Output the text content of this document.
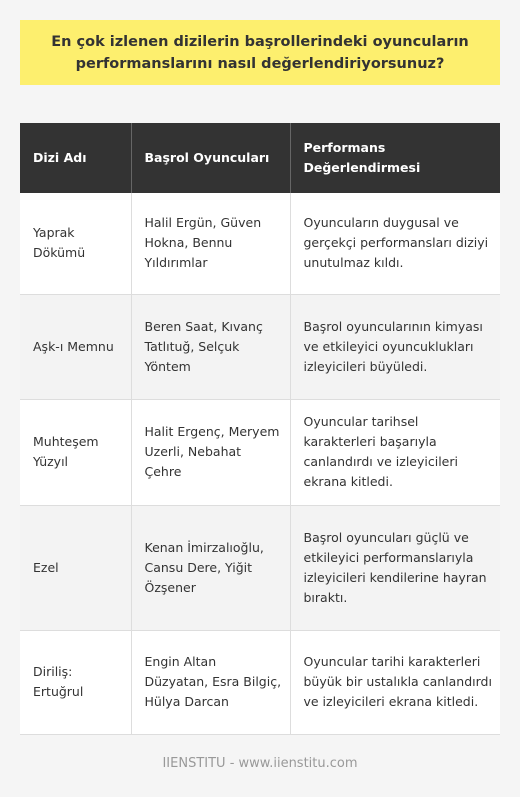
En çok izlenen dizilerin başrollerindeki oyuncuların performanslarını nasıl değerlendiriyorsunuz?
Dizi Adı	Başrol Oyuncuları	Performans Değerlendirmesi
Yaprak Dökümü	Halil Ergün, Güven Hokna, Bennu Yıldırımlar	Oyuncuların duygusal ve gerçekçi performansları diziyi unutulmaz kıldı.
Aşk-ı Memnu	Beren Saat, Kıvanç Tatlıtuğ, Selçuk Yöntem	Başrol oyuncularının kimyası ve etkileyici oyuncuklukları izleyicileri büyüledi.
Muhteşem Yüzyıl	Halit Ergenç, Meryem Uzerli, Nebahat Çehre	Oyuncular tarihsel karakterleri başarıyla canlandırdı ve izleyicileri ekrana kitledi.
Ezel	Kenan İmirzalıoğlu, Cansu Dere, Yiğit Özşener	Başrol oyuncuları güçlü ve etkileyici performanslarıyla izleyicileri kendilerine hayran bıraktı.
Diriliş: Ertuğrul	Engin Altan Düzyatan, Esra Bilgiç, Hülya Darcan	Oyuncular tarihi karakterleri büyük bir ustalıkla canlandırdı ve izleyicileri ekrana kitledi.
IIENSTITU - www.iienstitu.com
